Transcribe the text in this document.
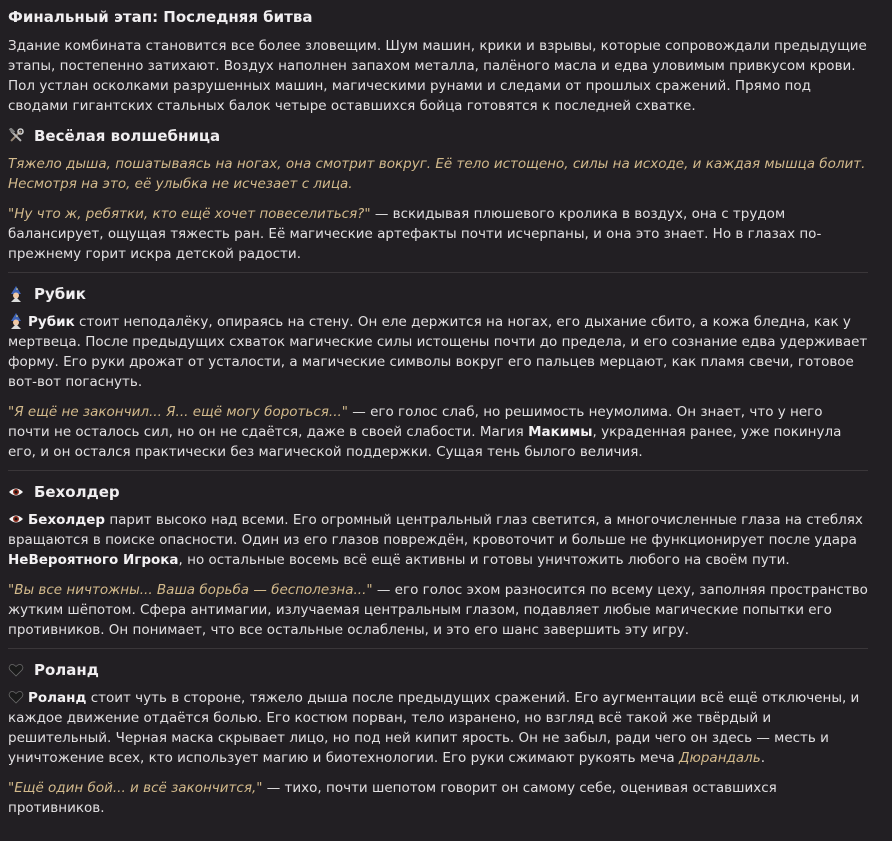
Финальный этап: Последняя битва

Здание комбината становится все более зловещим. Шум машин, крики и взрывы, которые сопровождали предыдущие этапы, постепенно затихают. Воздух наполнен запахом металла, палёного масла и едва уловимым привкусом крови. Пол устлан осколками разрушенных машин, магическими рунами и следами от прошлых сражений. Прямо под сводами гигантских стальных балок четыре оставшихся бойца готовятся к последней схватке.

Весёлая волшебница

Тяжело дыша, пошатываясь на ногах, она смотрит вокруг. Её тело истощено, силы на исходе, и каждая мышца болит. Несмотря на это, её улыбка не исчезает с лица.

"Ну что ж, ребятки, кто ещё хочет повеселиться?" — вскидывая плюшевого кролика в воздух, она с трудом балансирует, ощущая тяжесть ран. Её магические артефакты почти исчерпаны, и она это знает. Но в глазах по-прежнему горит искра детской радости.

Рубик

Рубик стоит неподалёку, опираясь на стену. Он еле держится на ногах, его дыхание сбито, а кожа бледна, как у мертвеца. После предыдущих схваток магические силы истощены почти до предела, и его сознание едва удерживает форму. Его руки дрожат от усталости, а магические символы вокруг его пальцев мерцают, как пламя свечи, готовое вот-вот погаснуть.

"Я ещё не закончил... Я... ещё могу бороться..." — его голос слаб, но решимость неумолима. Он знает, что у него почти не осталось сил, но он не сдаётся, даже в своей слабости. Магия Макимы, украденная ранее, уже покинула его, и он остался практически без магической поддержки. Сущая тень былого величия.

Бехолдер

Бехолдер парит высоко над всеми. Его огромный центральный глаз светится, а многочисленные глаза на стеблях вращаются в поиске опасности. Один из его глазов повреждён, кровоточит и больше не функционирует после удара НеВероятного Игрока, но остальные восемь всё ещё активны и готовы уничтожить любого на своём пути.

"Вы все ничтожны... Ваша борьба — бесполезна..." — его голос эхом разносится по всему цеху, заполняя пространство жутким шёпотом. Сфера антимагии, излучаемая центральным глазом, подавляет любые магические попытки его противников. Он понимает, что все остальные ослаблены, и это его шанс завершить эту игру.

Роланд

Роланд стоит чуть в стороне, тяжело дыша после предыдущих сражений. Его аугментации всё ещё отключены, и каждое движение отдаётся болью. Его костюм порван, тело изранено, но взгляд всё такой же твёрдый и решительный. Черная маска скрывает лицо, но под ней кипит ярость. Он не забыл, ради чего он здесь — месть и уничтожение всех, кто использует магию и биотехнологии. Его руки сжимают рукоять меча Дюрандаль.

"Ещё один бой... и всё закончится," — тихо, почти шепотом говорит он самому себе, оценивая оставшихся противников.
